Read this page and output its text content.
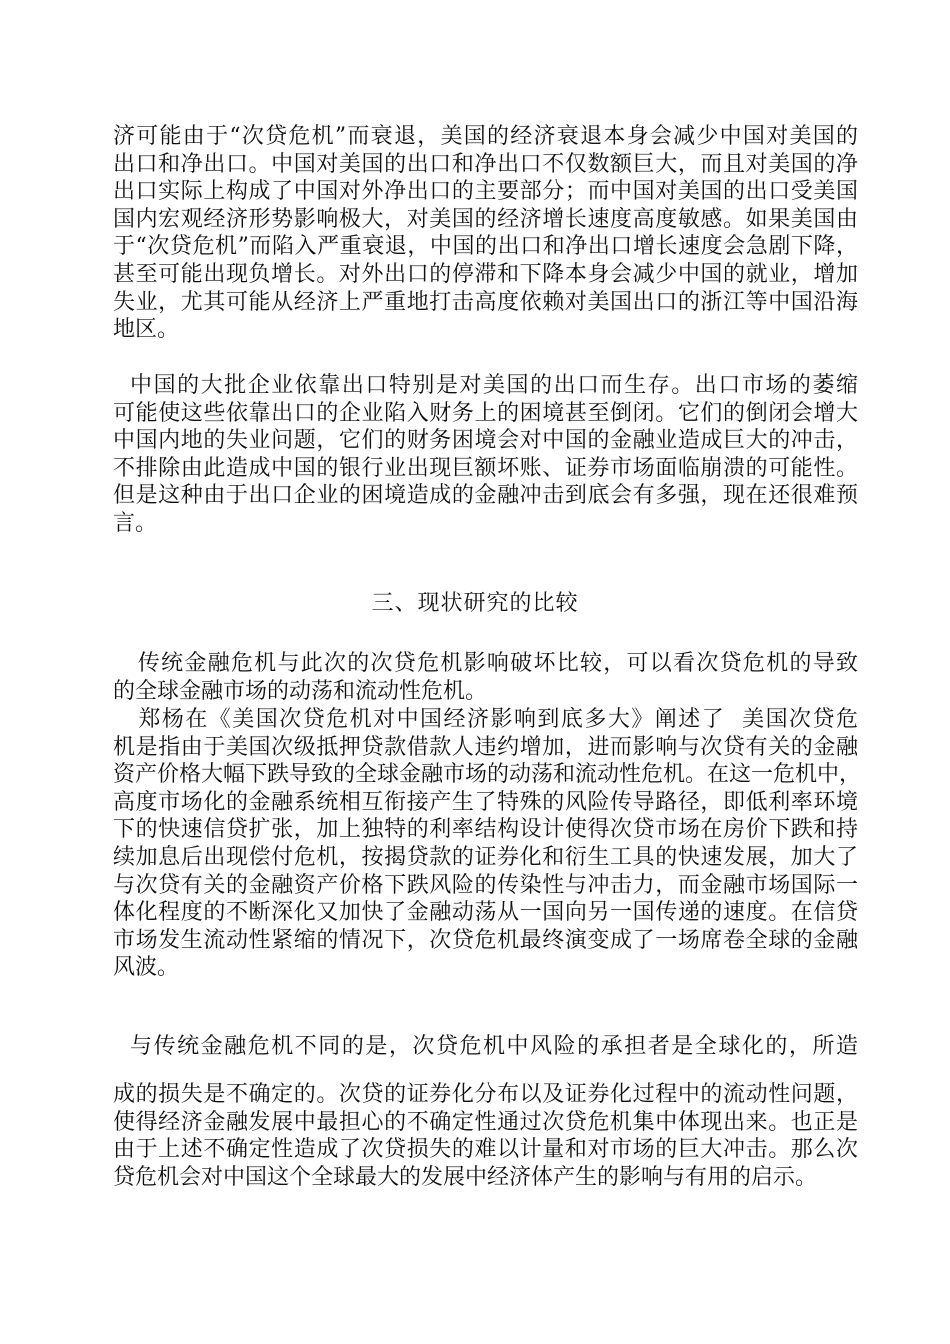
济可能由于“次贷危机”而衰退，美国的经济衰退本身会减少中国对美国的
出口和净出口。中国对美国的出口和净出口不仅数额巨大，而且对美国的净
出口实际上构成了中国对外净出口的主要部分；而中国对美国的出口受美国
国内宏观经济形势影响极大，对美国的经济增长速度高度敏感。如果美国由
于“次贷危机”而陷入严重衰退，中国的出口和净出口增长速度会急剧下降，
甚至可能出现负增长。对外出口的停滞和下降本身会减少中国的就业，增加
失业，尤其可能从经济上严重地打击高度依赖对美国出口的浙江等中国沿海
地区。
中国的大批企业依靠出口特别是对美国的出口而生存。出口市场的萎缩
可能使这些依靠出口的企业陷入财务上的困境甚至倒闭。它们的倒闭会增大
中国内地的失业问题，它们的财务困境会对中国的金融业造成巨大的冲击，
不排除由此造成中国的银行业出现巨额坏账、证券市场面临崩溃的可能性。
但是这种由于出口企业的困境造成的金融冲击到底会有多强，现在还很难预
言。
三、现状研究的比较
传统金融危机与此次的次贷危机影响破坏比较，可以看次贷危机的导致
的全球金融市场的动荡和流动性危机。
郑杨在《美国次贷危机对中国经济影响到底多大》阐述了  美国次贷危
机是指由于美国次级抵押贷款借款人违约增加，进而影响与次贷有关的金融
资产价格大幅下跌导致的全球金融市场的动荡和流动性危机。在这一危机中，
高度市场化的金融系统相互衔接产生了特殊的风险传导路径，即低利率环境
下的快速信贷扩张，加上独特的利率结构设计使得次贷市场在房价下跌和持
续加息后出现偿付危机，按揭贷款的证券化和衍生工具的快速发展，加大了
与次贷有关的金融资产价格下跌风险的传染性与冲击力，而金融市场国际一
体化程度的不断深化又加快了金融动荡从一国向另一国传递的速度。在信贷
市场发生流动性紧缩的情况下，次贷危机最终演变成了一场席卷全球的金融
风波。
与传统金融危机不同的是，次贷危机中风险的承担者是全球化的，所造
成的损失是不确定的。次贷的证券化分布以及证券化过程中的流动性问题，
使得经济金融发展中最担心的不确定性通过次贷危机集中体现出来。也正是
由于上述不确定性造成了次贷损失的难以计量和对市场的巨大冲击。那么次
贷危机会对中国这个全球最大的发展中经济体产生的影响与有用的启示。
